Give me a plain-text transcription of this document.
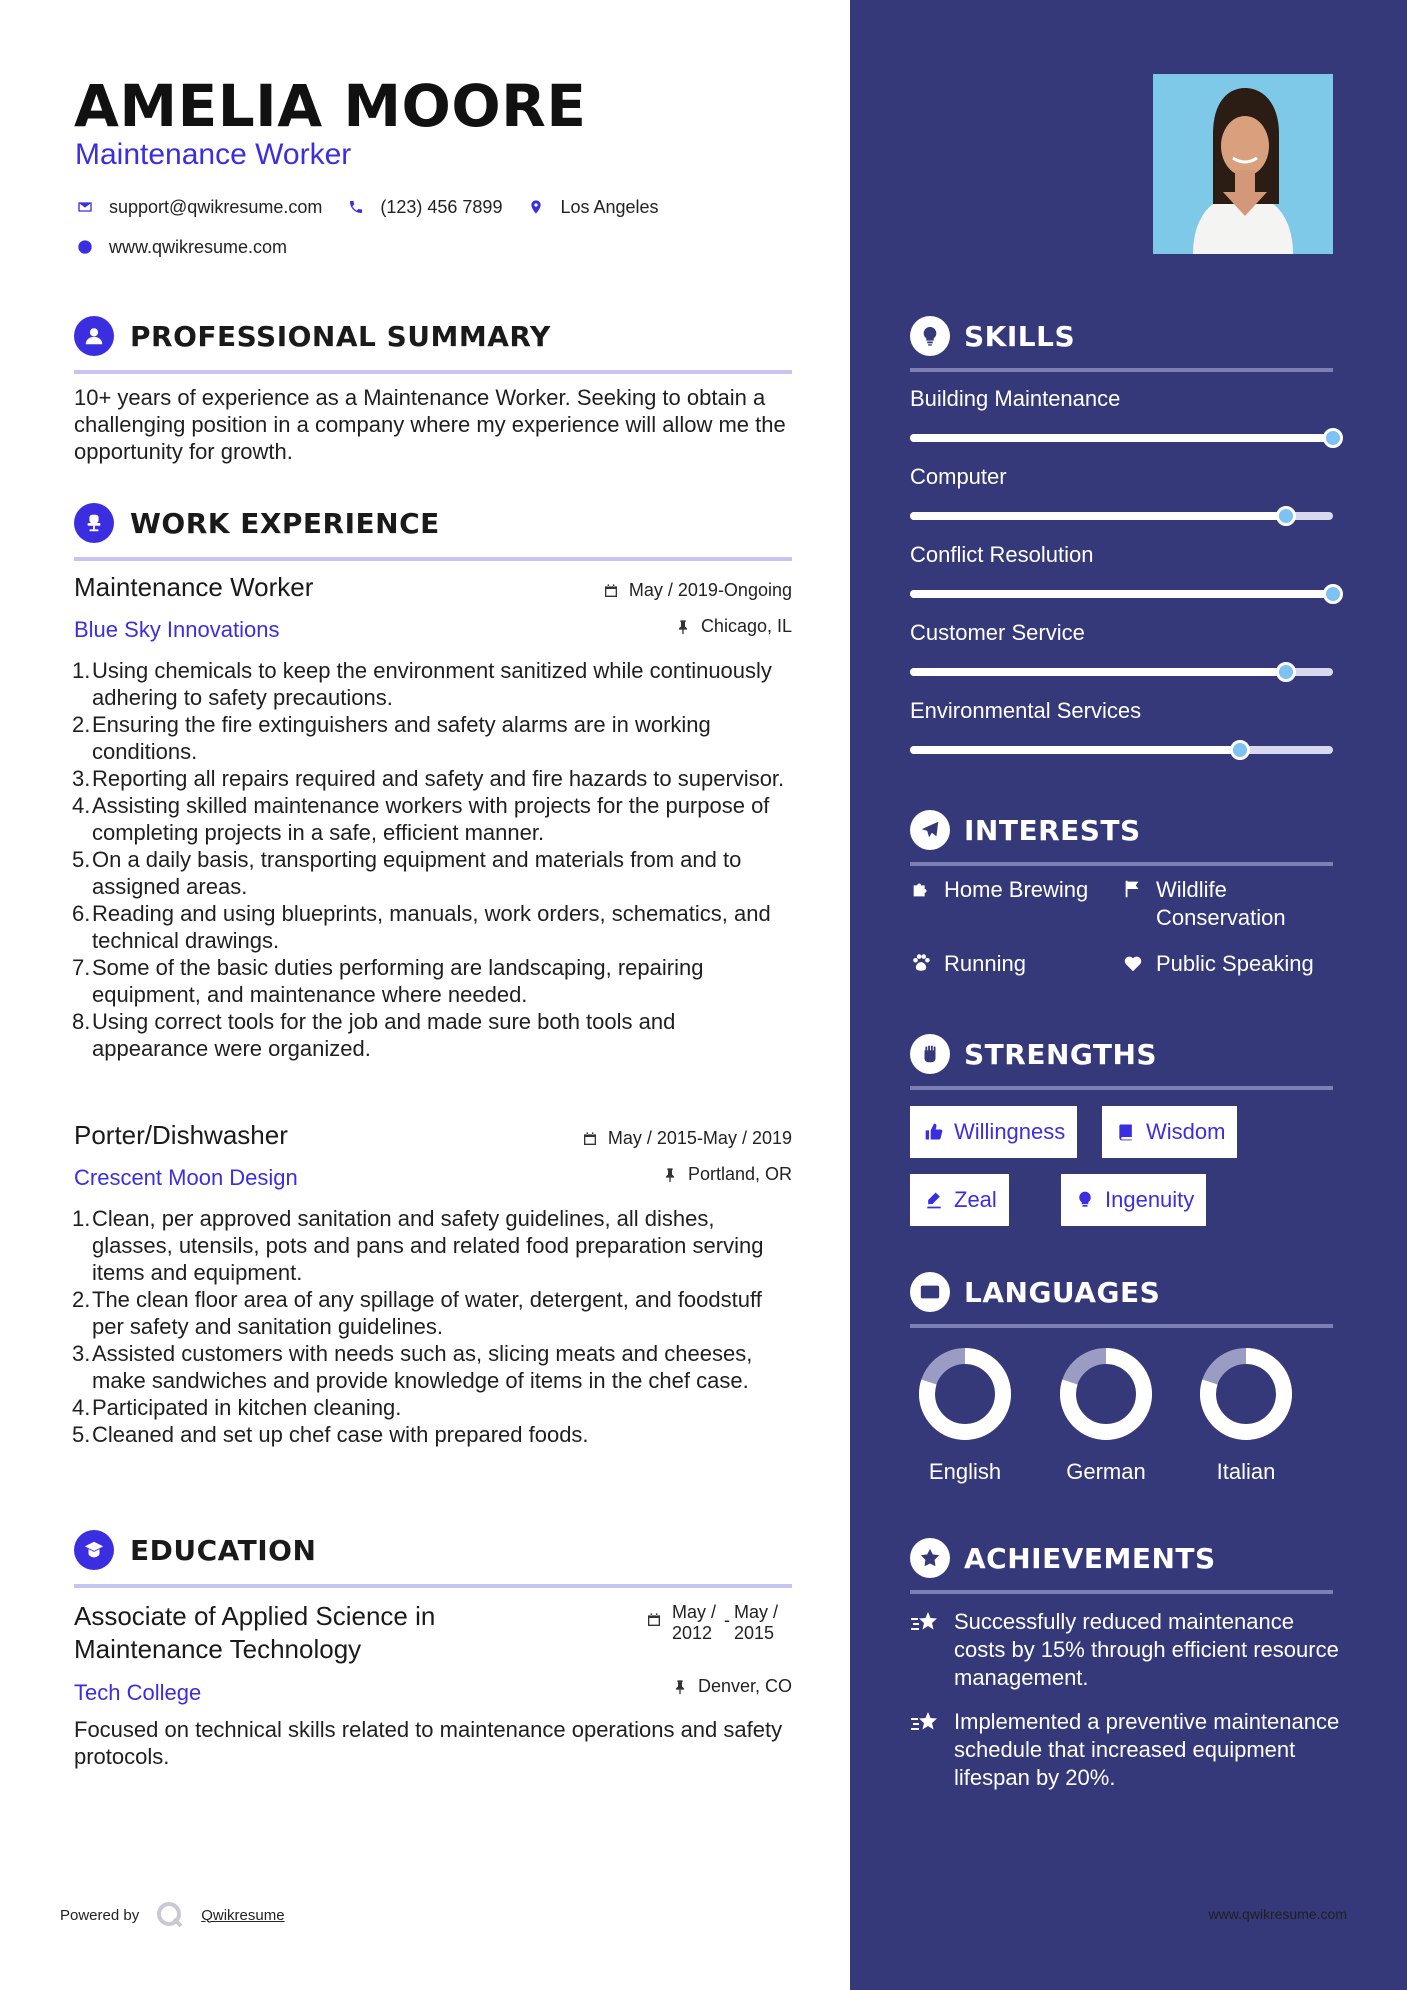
AMELIA MOORE
Maintenance Worker
support@qwikresume.com	(123) 456 7899	Los Angeles
www.qwikresume.com
PROFESSIONAL SUMMARY
10+ years of experience as a Maintenance Worker. Seeking to obtain a challenging position in a company where my experience will allow me the opportunity for growth.
WORK EXPERIENCE
Maintenance Worker	May / 2019-Ongoing
Blue Sky Innovations	Chicago, IL
Using chemicals to keep the environment sanitized while continuously adhering to safety precautions.
Ensuring the fire extinguishers and safety alarms are in working conditions.
Reporting all repairs required and safety and fire hazards to supervisor.
Assisting skilled maintenance workers with projects for the purpose of completing projects in a safe, efficient manner.
On a daily basis, transporting equipment and materials from and to assigned areas.
Reading and using blueprints, manuals, work orders, schematics, and technical drawings.
Some of the basic duties performing are landscaping, repairing equipment, and maintenance where needed.
Using correct tools for the job and made sure both tools and appearance were organized.
Porter/Dishwasher	May / 2015-May / 2019
Crescent Moon Design	Portland, OR
Clean, per approved sanitation and safety guidelines, all dishes, glasses, utensils, pots and pans and related food preparation serving items and equipment.
The clean floor area of any spillage of water, detergent, and foodstuff per safety and sanitation guidelines.
Assisted customers with needs such as, slicing meats and cheeses, make sandwiches and provide knowledge of items in the chef case.
Participated in kitchen cleaning.
Cleaned and set up chef case with prepared foods.
EDUCATION
Associate of Applied Science in Maintenance Technology
May /
2012
- May /
2015
Tech College	Denver, CO
Focused on technical skills related to maintenance operations and safety protocols.
Powered by	Qwikresume
SKILLS
Building Maintenance
Computer
Conflict Resolution
Customer Service
Environmental Services
INTERESTS
Home Brewing	Wildlife Conservation
Running	Public Speaking
STRENGTHS
Willingness	Wisdom
Zeal	Ingenuity
LANGUAGES
English	German	Italian
ACHIEVEMENTS
Successfully reduced maintenance costs by 15% through efficient resource management.
Implemented a preventive maintenance schedule that increased equipment lifespan by 20%.
www.qwikresume.com
